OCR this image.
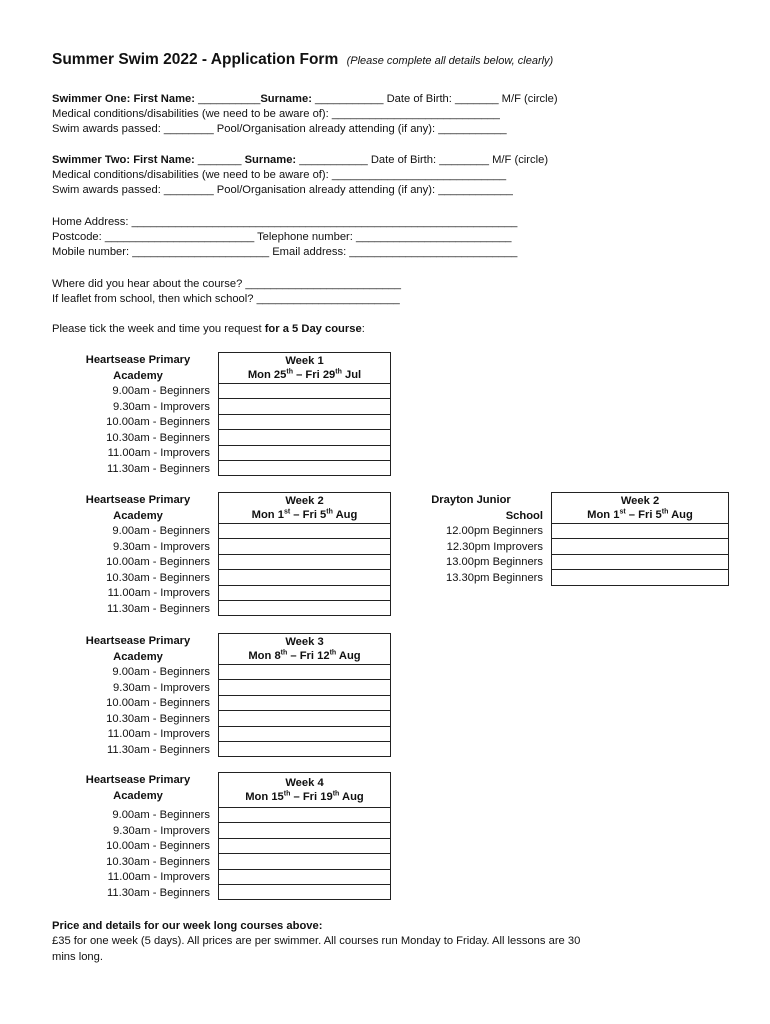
Summer Swim 2022 - Application Form (Please complete all details below, clearly)
Swimmer One: First Name: __________Surname: ___________ Date of Birth: _______ M/F (circle)
Medical conditions/disabilities (we need to be aware of): ___________________________
Swim awards passed: ________ Pool/Organisation already attending (if any): ___________
Swimmer Two: First Name: _______ Surname: ___________ Date of Birth: ________ M/F (circle)
Medical conditions/disabilities (we need to be aware of): ____________________________
Swim awards passed: ________ Pool/Organisation already attending (if any): ____________
Home Address: ______________________________________________________________
Postcode: ________________________ Telephone number: _________________________
Mobile number: ______________________ Email address: ___________________________
Where did you hear about the course? _________________________
If leaflet from school, then which school? _______________________
Please tick the week and time you request for a 5 Day course:
Heartsease Primary
Academy
9.00am - Beginners
9.30am - Improvers
10.00am - Beginners
10.30am - Beginners
11.00am - Improvers
11.30am - Beginners
Week 1
Mon 25th – Fri 29th Jul

Heartsease Primary
Academy
9.00am - Beginners
9.30am - Improvers
10.00am - Beginners
10.30am - Beginners
11.00am - Improvers
11.30am - Beginners
Week 2
Mon 1st – Fri 5th Aug

Drayton Junior
School
12.00pm Beginners
12.30pm Improvers
13.00pm Beginners
13.30pm Beginners
Week 2
Mon 1st – Fri 5th Aug

Heartsease Primary
Academy
9.00am - Beginners
9.30am - Improvers
10.00am - Beginners
10.30am - Beginners
11.00am - Improvers
11.30am - Beginners
Week 3
Mon 8th – Fri 12th Aug

Heartsease Primary
Academy
9.00am - Beginners
9.30am - Improvers
10.00am - Beginners
10.30am - Beginners
11.00am - Improvers
11.30am - Beginners
Week 4
Mon 15th – Fri 19th Aug

Price and details for our week long courses above:
£35 for one week (5 days). All prices are per swimmer. All courses run Monday to Friday. All lessons are 30
mins long.
